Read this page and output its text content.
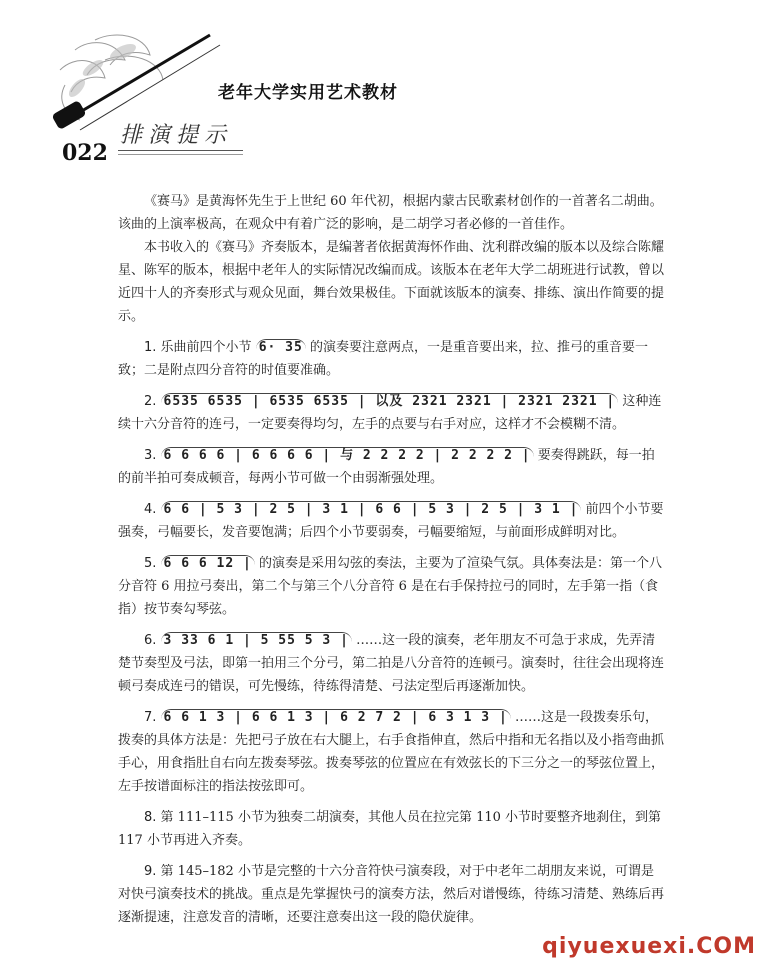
老年大学实用艺术教材
排演提示
022

《赛马》是黄海怀先生于上世纪 60 年代初，根据内蒙古民歌素材创作的一首著名二胡曲。该曲的上演率极高，在观众中有着广泛的影响，是二胡学习者必修的一首佳作。

本书收入的《赛马》齐奏版本，是编著者依据黄海怀作曲、沈利群改编的版本以及综合陈耀星、陈军的版本，根据中老年人的实际情况改编而成。该版本在老年大学二胡班进行试教，曾以近四十人的齐奏形式与观众见面，舞台效果极佳。下面就该版本的演奏、排练、演出作简要的提示。

1. 乐曲前四个小节 6· 35 的演奏要注意两点，一是重音要出来，拉、推弓的重音要一致；二是附点四分音符的时值要准确。

2. 6535 6535 | 6535 6535 | 以及 2321 2321 | 2321 2321 | 这种连续十六分音符的连弓，一定要奏得均匀，左手的点要与右手对应，这样才不会模糊不清。

3. 6 6 6 6 | 6 6 6 6 | 与 2 2 2 2 | 2 2 2 2 | 要奏得跳跃，每一拍的前半拍可奏成顿音，每两小节可做一个由弱渐强处理。

4. 6 6 | 5 3 | 2 5 | 3 1 | 6 6 | 5 3 | 2 5 | 3 1 | 前四个小节要强奏，弓幅要长，发音要饱满；后四个小节要弱奏，弓幅要缩短，与前面形成鲜明对比。

5. 6 6 6 12 | 的演奏是采用勾弦的奏法，主要为了渲染气氛。具体奏法是：第一个八分音符 6 用拉弓奏出，第二个与第三个八分音符 6 是在右手保持拉弓的同时，左手第一指（食指）按节奏勾琴弦。

6. 3 33 6 1 | 5 55 5 3 | ……这一段的演奏，老年朋友不可急于求成，先弄清楚节奏型及弓法，即第一拍用三个分弓，第二拍是八分音符的连顿弓。演奏时，往往会出现将连顿弓奏成连弓的错误，可先慢练，待练得清楚、弓法定型后再逐渐加快。

7. 6 6 1 3 | 6 6 1 3 | 6 2 7 2 | 6 3 1 3 | ……这是一段拨奏乐句，拨奏的具体方法是：先把弓子放在右大腿上，右手食指伸直，然后中指和无名指以及小指弯曲抓手心，用食指肚自右向左拨奏琴弦。拨奏琴弦的位置应在有效弦长的下三分之一的琴弦位置上，左手按谱面标注的指法按弦即可。

8. 第 111–115 小节为独奏二胡演奏，其他人员在拉完第 110 小节时要整齐地刹住，到第 117 小节再进入齐奏。

9. 第 145–182 小节是完整的十六分音符快弓演奏段，对于中老年二胡朋友来说，可谓是对快弓演奏技术的挑战。重点是先掌握快弓的演奏方法，然后对谱慢练，待练习清楚、熟练后再逐渐提速，注意发音的清晰，还要注意奏出这一段的隐伏旋律。

qiyuexuexi.COM
